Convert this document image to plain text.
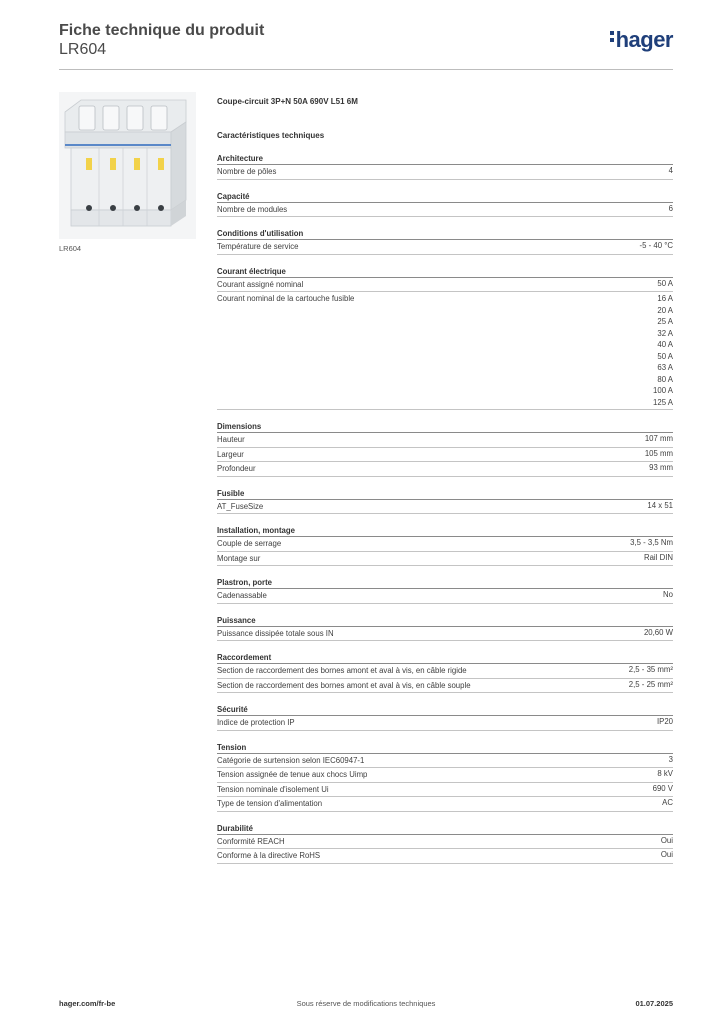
Fiche technique du produit
LR604	hager
LR604
Coupe-circuit 3P+N 50A 690V L51 6M
Caractéristiques techniques
Architecture
Nombre de pôles	4
Capacité
Nombre de modules	6
Conditions d'utilisation
Température de service	-5 - 40 °C
Courant électrique
Courant assigné nominal	50 A
Courant nominal de la cartouche fusible	16 A
20 A
25 A
32 A
40 A
50 A
63 A
80 A
100 A
125 A
Dimensions
Hauteur	107 mm
Largeur	105 mm
Profondeur	93 mm
Fusible
AT_FuseSize	14 x 51
Installation, montage
Couple de serrage	3,5 - 3,5 Nm
Montage sur	Rail DIN
Plastron, porte
Cadenassable	No
Puissance
Puissance dissipée totale sous IN	20,60 W
Raccordement
Section de raccordement des bornes amont et aval à vis, en câble rigide	2,5 - 35 mm²
Section de raccordement des bornes amont et aval à vis, en câble souple	2,5 - 25 mm²
Sécurité
Indice de protection IP	IP20
Tension
Catégorie de surtension selon IEC60947-1	3
Tension assignée de tenue aux chocs Uimp	8 kV
Tension nominale d'isolement Ui	690 V
Type de tension d'alimentation	AC
Durabilité
Conformité REACH	Oui
Conforme à la directive RoHS	Oui
hager.com/fr-be	Sous réserve de modifications techniques	01.07.2025
